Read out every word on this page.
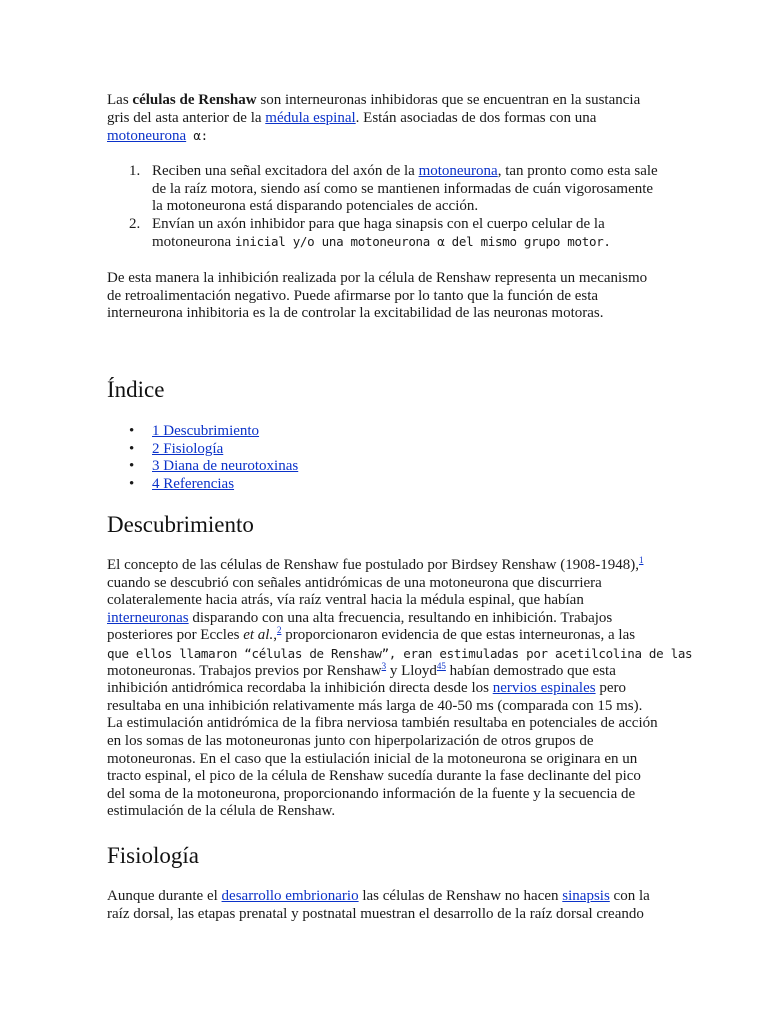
Las células de Renshaw son interneuronas inhibidoras que se encuentran en la sustancia
gris del asta anterior de la médula espinal. Están asociadas de dos formas con una
motoneurona α:

1. Reciben una señal excitadora del axón de la motoneurona, tan pronto como esta sale
de la raíz motora, siendo así como se mantienen informadas de cuán vigorosamente
la motoneurona está disparando potenciales de acción.
2. Envían un axón inhibidor para que haga sinapsis con el cuerpo celular de la
motoneurona inicial y/o una motoneurona α del mismo grupo motor.

De esta manera la inhibición realizada por la célula de Renshaw representa un mecanismo
de retroalimentación negativo. Puede afirmarse por lo tanto que la función de esta
interneurona inhibitoria es la de controlar la excitabilidad de las neuronas motoras.

Índice
• 1 Descubrimiento
• 2 Fisiología
• 3 Diana de neurotoxinas
• 4 Referencias
Descubrimiento

El concepto de las células de Renshaw fue postulado por Birdsey Renshaw (1908-1948),$^1$
cuando se descubrió con señales antidrómicas de una motoneurona que discurriera
colateralemente hacia atrás, vía raíz ventral hacia la médula espinal, que habían
interneuronas disparando con una alta frecuencia, resultando en inhibición. Trabajos
posteriores por Eccles et al.,$^2$ proporcionaron evidencia de que estas interneuronas, a las
que ellos llamaron “células de Renshaw”, eran estimuladas por acetilcolina de las
motoneuronas. Trabajos previos por Renshaw$^3$ y Lloyd$^{45}$ habían demostrado que esta
inhibición antidrómica recordaba la inhibición directa desde los nervios espinales pero
resultaba en una inhibición relativamente más larga de 40-50 ms (comparada con 15 ms).
La estimulación antidrómica de la fibra nerviosa también resultaba en potenciales de acción
en los somas de las motoneuronas junto con hiperpolarización de otros grupos de
motoneuronas. En el caso que la estiulación inicial de la motoneurona se originara en un
tracto espinal, el pico de la célula de Renshaw sucedía durante la fase declinante del pico
del soma de la motoneurona, proporcionando información de la fuente y la secuencia de
estimulación de la célula de Renshaw.

Fisiología

Aunque durante el desarrollo embrionario las células de Renshaw no hacen sinapsis con la
raíz dorsal, las etapas prenatal y postnatal muestran el desarrollo de la raíz dorsal creando
